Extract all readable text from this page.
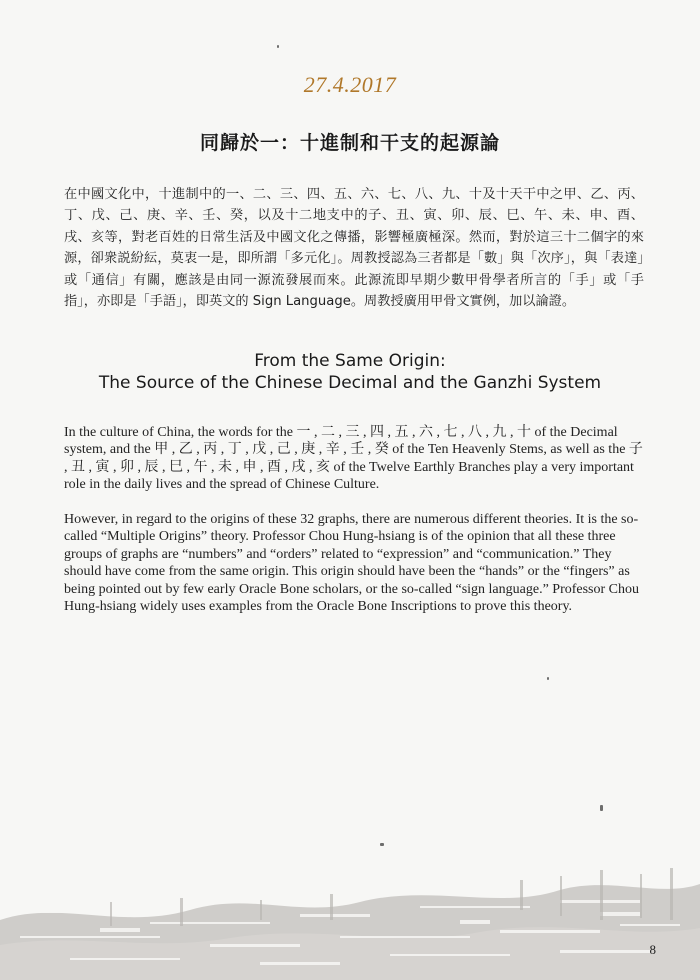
27.4.2017
同歸於一：十進制和干支的起源論

在中國文化中，十進制中的一、二、三、四、五、六、七、八、九、十及十天干中之甲、乙、丙、丁、戊、己、庚、辛、壬、癸，以及十二地支中的子、丑、寅、卯、辰、巳、午、未、申、酉、戌、亥等，對老百姓的日常生活及中國文化之傳播，影響極廣極深。然而，對於這三十二個字的來源，卻衆説紛紜，莫衷一是，即所謂「多元化」。周教授認為三者都是「數」與「次序」，與「表達」或「通信」有關，應該是由同一源流發展而來。此源流即早期少數甲骨學者所言的「手」或「手指」，亦即是「手語」，即英文的 Sign Language。周教授廣用甲骨文實例，加以論證。

From the Same Origin:
The Source of the Chinese Decimal and the Ganzhi System

In the culture of China, the words for the 一 , 二 , 三 , 四 , 五 , 六 , 七 , 八 , 九 , 十 of the Decimal system, and the 甲 , 乙 , 丙 , 丁 , 戊 , 己 , 庚 , 辛 , 壬 , 癸 of the Ten Heavenly Stems, as well as the 子 , 丑 , 寅 , 卯 , 辰 , 巳 , 午 , 未 , 申 , 酉 , 戌 , 亥 of the Twelve Earthly Branches play a very important role in the daily lives and the spread of Chinese Culture.

However, in regard to the origins of these 32 graphs, there are numerous different theories. It is the so-called “Multiple Origins” theory. Professor Chou Hung-hsiang is of the opinion that all these three groups of graphs are “numbers” and “orders” related to “expression” and “communication.” They should have come from the same origin. This origin should have been the “hands” or the “fingers” as being pointed out by few early Oracle Bone scholars, or the so-called “sign language.” Professor Chou Hung-hsiang widely uses examples from the Oracle Bone Inscriptions to prove this theory.

8
